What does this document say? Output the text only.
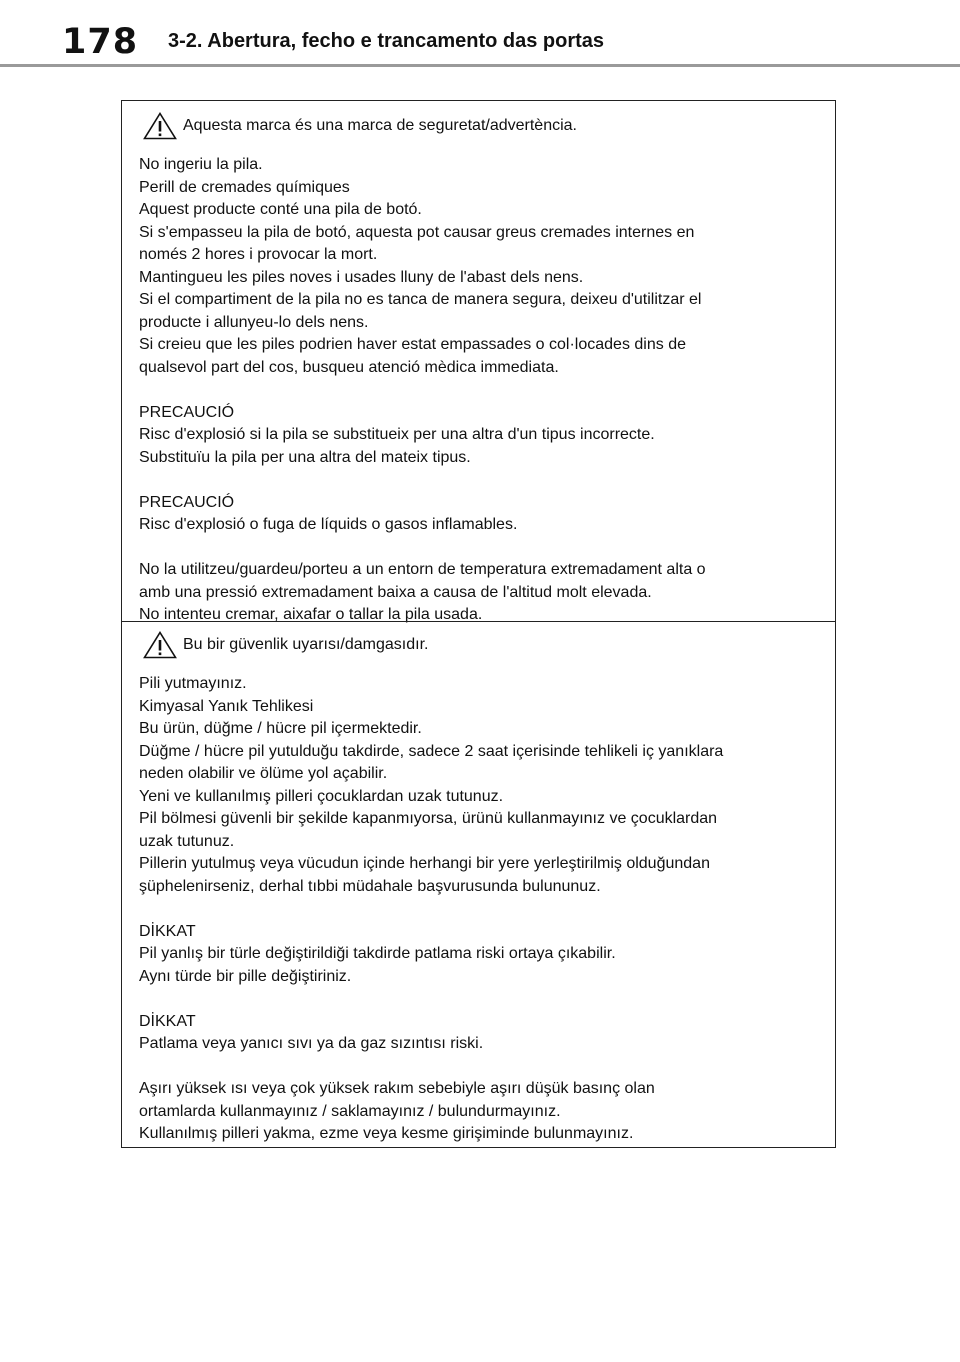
178 3-2. Abertura, fecho e trancamento das portas
Aquesta marca és una marca de seguretat/advertència.
No ingeriu la pila.
Perill de cremades químiques
Aquest producte conté una pila de botó.
Si s'empasseu la pila de botó, aquesta pot causar greus cremades internes en
només 2 hores i provocar la mort.
Mantingueu les piles noves i usades lluny de l'abast dels nens.
Si el compartiment de la pila no es tanca de manera segura, deixeu d'utilitzar el
producte i allunyeu-lo dels nens.
Si creieu que les piles podrien haver estat empassades o col·locades dins de
qualsevol part del cos, busqueu atenció mèdica immediata.
PRECAUCIÓ
Risc d'explosió si la pila se substitueix per una altra d'un tipus incorrecte.
Substituïu la pila per una altra del mateix tipus.
PRECAUCIÓ
Risc d'explosió o fuga de líquids o gasos inflamables.
No la utilitzeu/guardeu/porteu a un entorn de temperatura extremadament alta o
amb una pressió extremadament baixa a causa de l'altitud molt elevada.
No intenteu cremar, aixafar o tallar la pila usada.
Bu bir güvenlik uyarısı/damgasıdır.
Pili yutmayınız.
Kimyasal Yanık Tehlikesi
Bu ürün, düğme / hücre pil içermektedir.
Düğme / hücre pil yutulduğu takdirde, sadece 2 saat içerisinde tehlikeli iç yanıklara
neden olabilir ve ölüme yol açabilir.
Yeni ve kullanılmış pilleri çocuklardan uzak tutunuz.
Pil bölmesi güvenli bir şekilde kapanmıyorsa, ürünü kullanmayınız ve çocuklardan
uzak tutunuz.
Pillerin yutulmuş veya vücudun içinde herhangi bir yere yerleştirilmiş olduğundan
şüphelenirseniz, derhal tıbbi müdahale başvurusunda bulununuz.
DİKKAT
Pil yanlış bir türle değiştirildiği takdirde patlama riski ortaya çıkabilir.
Aynı türde bir pille değiştiriniz.
DİKKAT
Patlama veya yanıcı sıvı ya da gaz sızıntısı riski.
Aşırı yüksek ısı veya çok yüksek rakım sebebiyle aşırı düşük basınç olan
ortamlarda kullanmayınız / saklamayınız / bulundurmayınız.
Kullanılmış pilleri yakma, ezme veya kesme girişiminde bulunmayınız.
